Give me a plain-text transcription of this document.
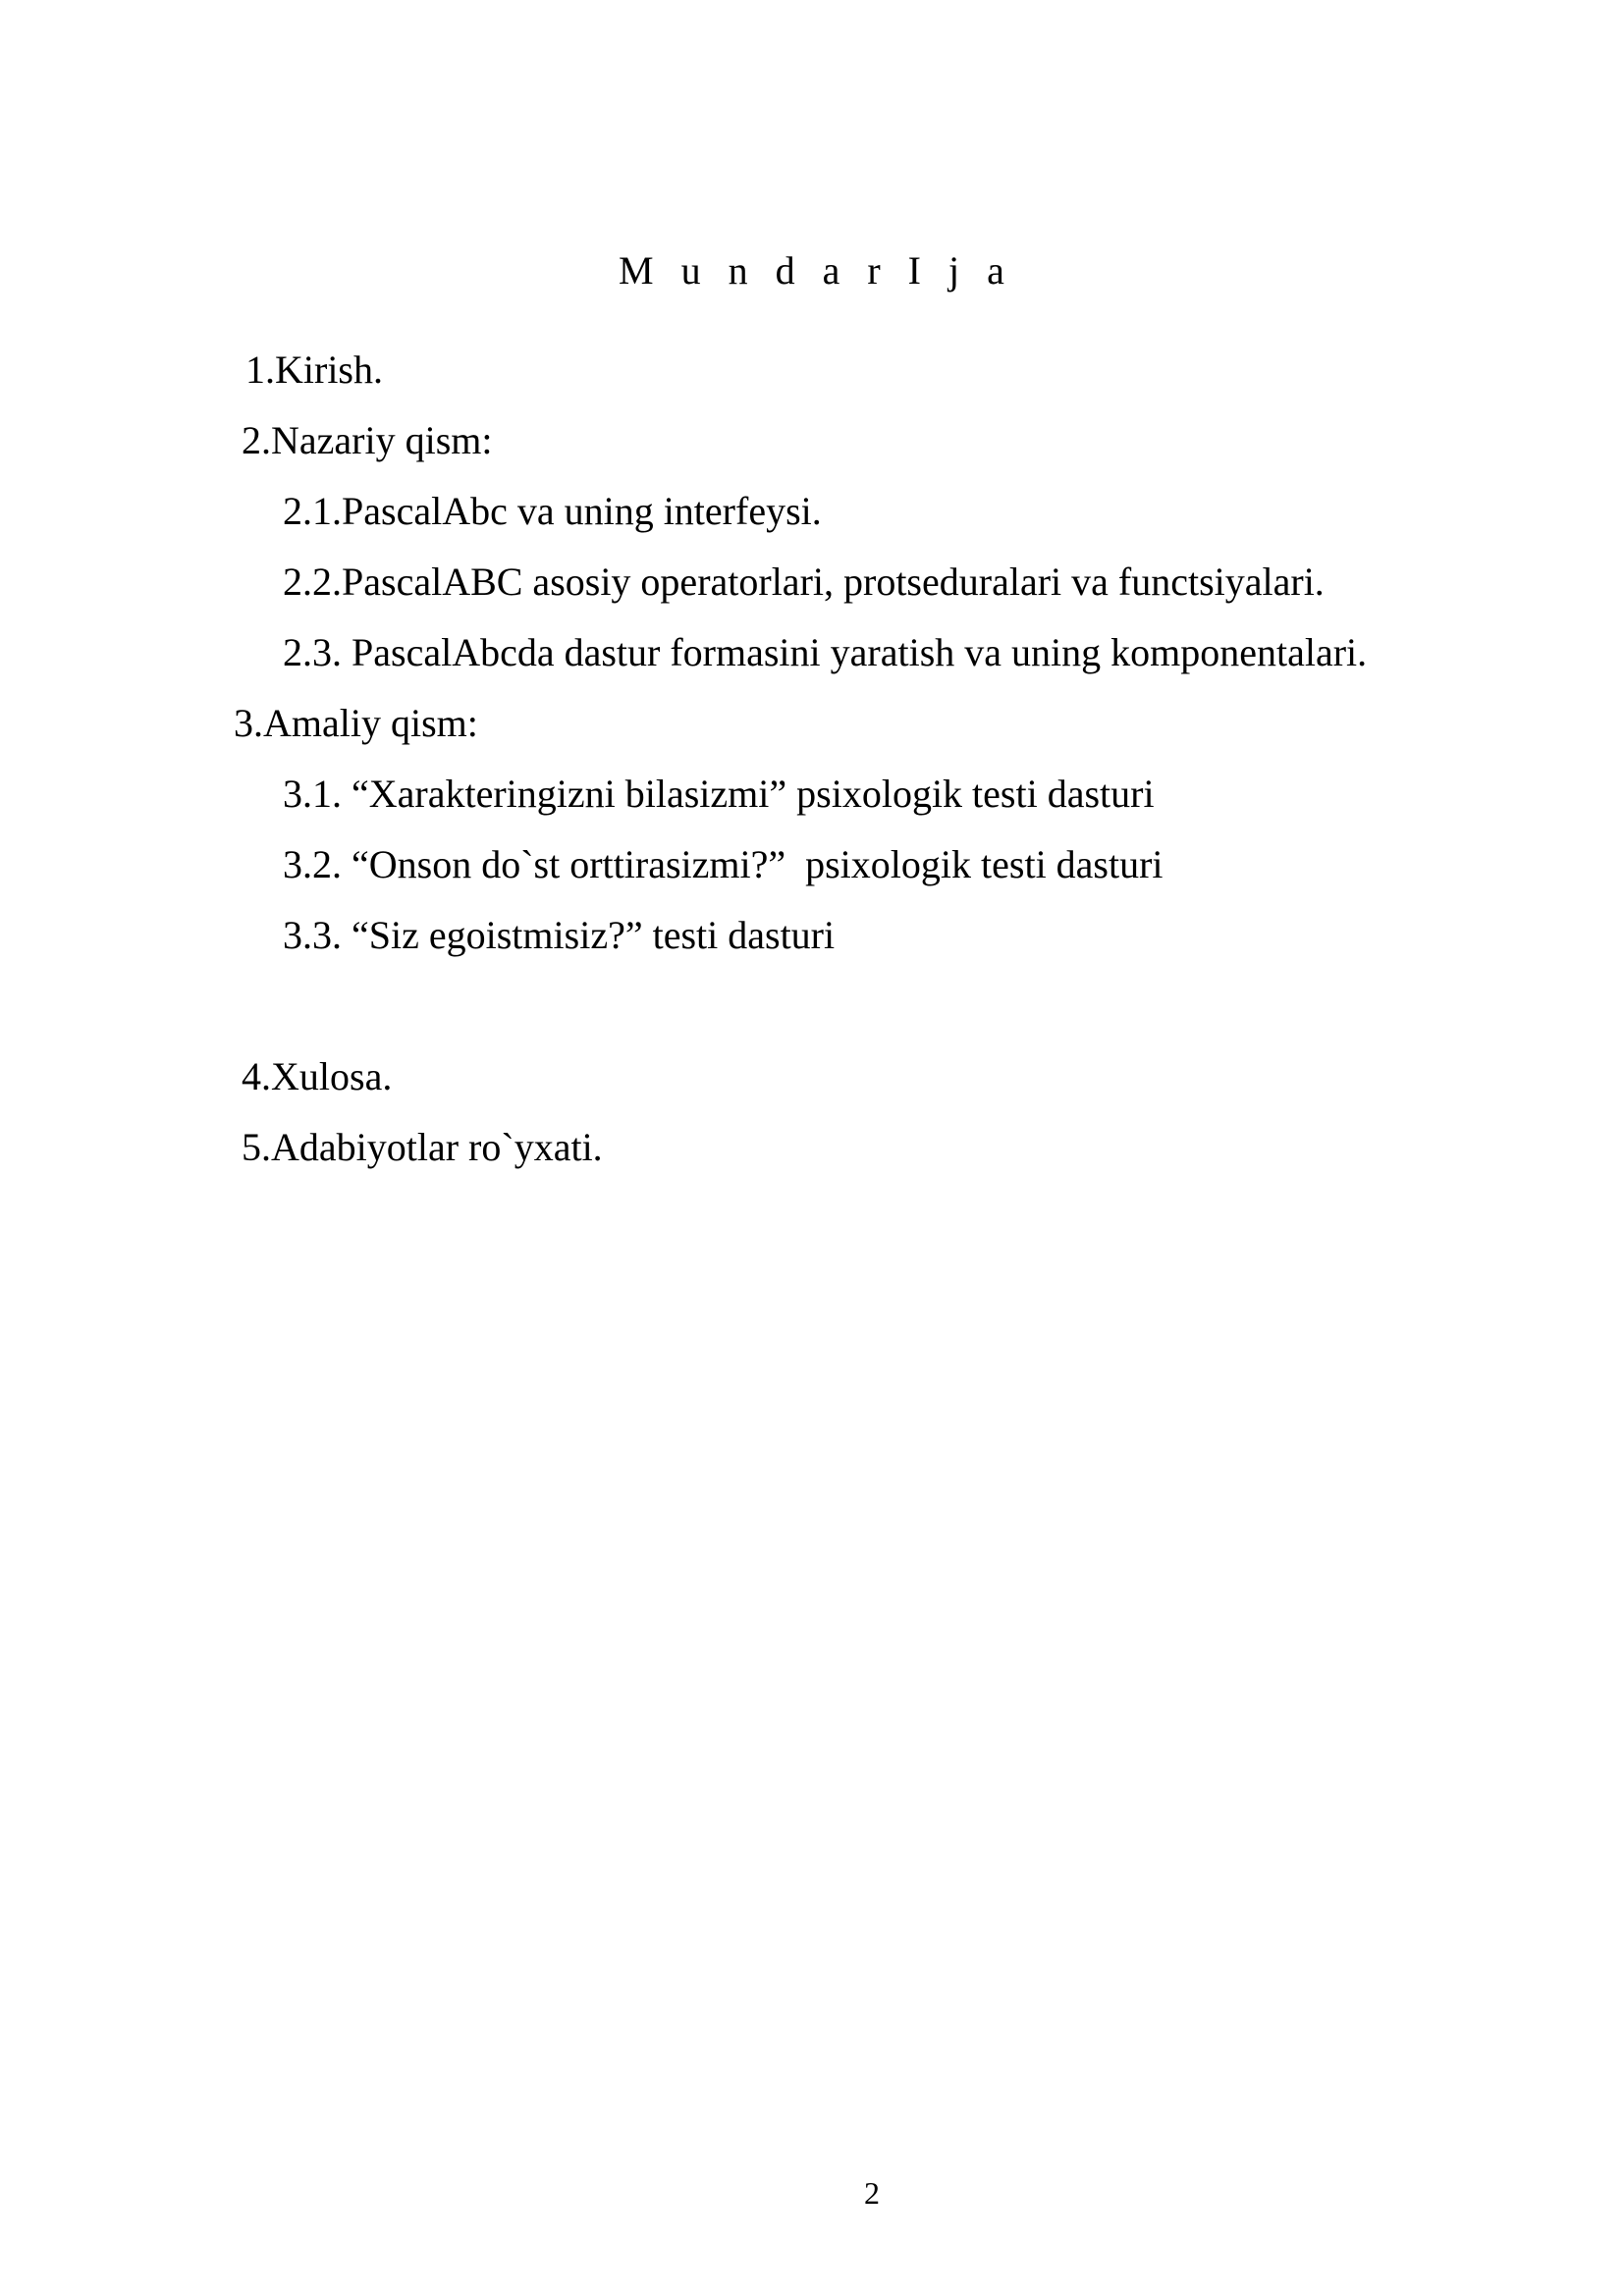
M u n d a r I j a
1.Kirish.
2.Nazariy qism:
2.1.PascalAbc va uning interfeysi.
2.2.PascalABC asosiy operatorlari, protseduralari va functsiyalari.
2.3. PascalAbcda dastur formasini yaratish va uning komponentalari.
3.Amaliy qism:
3.1. “Xarakteringizni bilasizmi” psixologik testi dasturi
3.2. “Onson do`st orttirasizmi?”  psixologik testi dasturi
3.3. “Siz egoistmisiz?” testi dasturi
4.Xulosa.
5.Adabiyotlar ro`yxati.
2
